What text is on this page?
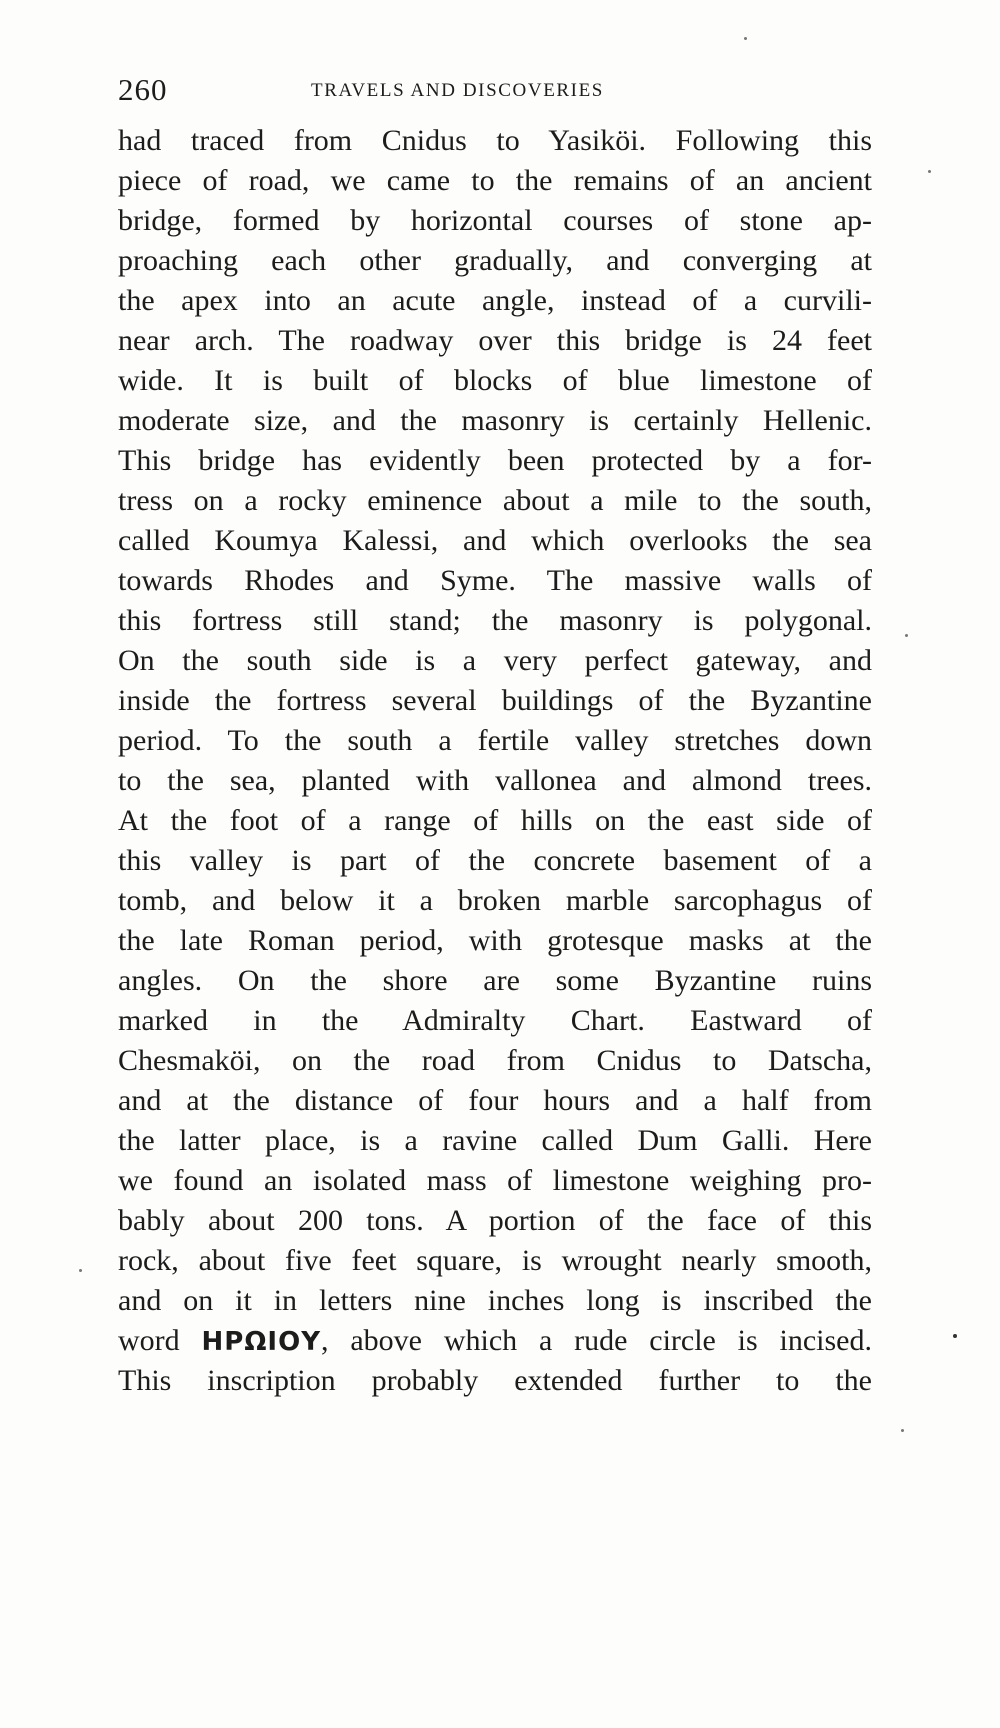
260	TRAVELS AND DISCOVERIES
had traced from Cnidus to Yasiköi. Following this
piece of road, we came to the remains of an ancient
bridge, formed by horizontal courses of stone ap-
proaching each other gradually, and converging at
the apex into an acute angle, instead of a curvili-
near arch. The roadway over this bridge is 24 feet
wide. It is built of blocks of blue limestone of
moderate size, and the masonry is certainly Hellenic.
This bridge has evidently been protected by a for-
tress on a rocky eminence about a mile to the south,
called Koumya Kalessi, and which overlooks the sea
towards Rhodes and Syme. The massive walls of
this fortress still stand; the masonry is polygonal.
On the south side is a very perfect gateway, and
inside the fortress several buildings of the Byzantine
period. To the south a fertile valley stretches down
to the sea, planted with vallonea and almond trees.
At the foot of a range of hills on the east side of
this valley is part of the concrete basement of a
tomb, and below it a broken marble sarcophagus of
the late Roman period, with grotesque masks at the
angles. On the shore are some Byzantine ruins
marked in the Admiralty Chart. Eastward of
Chesmaköi, on the road from Cnidus to Datscha,
and at the distance of four hours and a half from
the latter place, is a ravine called Dum Galli. Here
we found an isolated mass of limestone weighing pro-
bably about 200 tons. A portion of the face of this
rock, about five feet square, is wrought nearly smooth,
and on it in letters nine inches long is inscribed the
word ΗΡΩΙΟΥ, above which a rude circle is incised.
This inscription probably extended further to the
